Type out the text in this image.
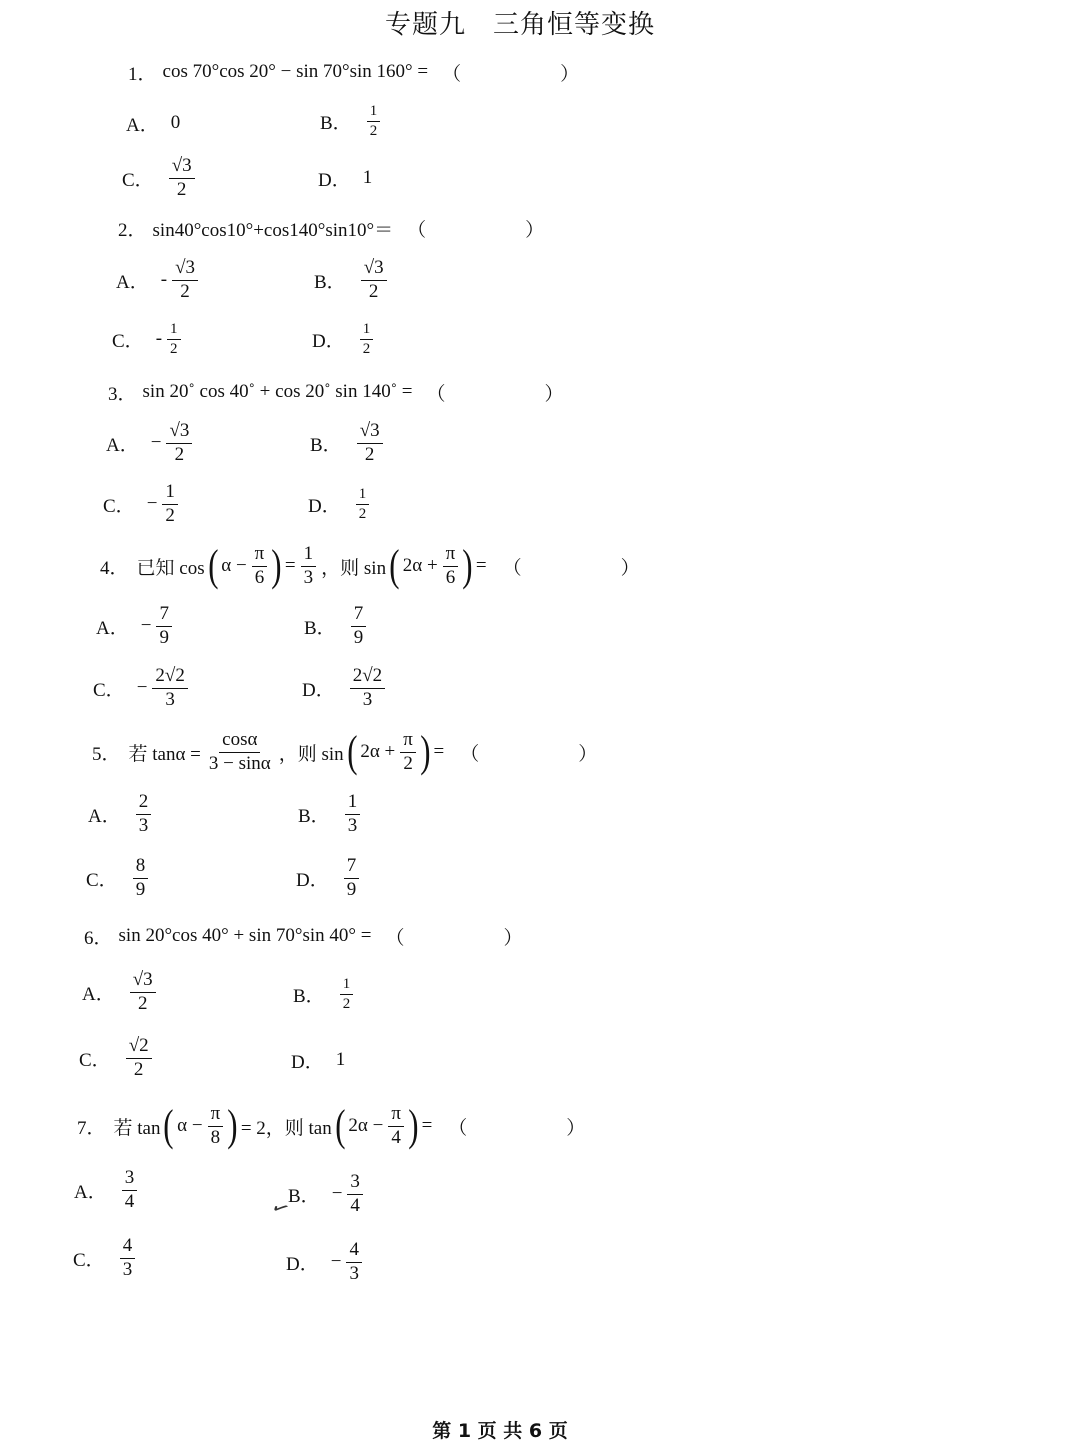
专题九　三角恒等变换
1． cos 70°cos 20° − sin 70°sin 160° = （　）
A． 0	B． $\frac{1}{2}$
C． $\frac{√3}{2}$	D． 1
2． sin40°cos10°+cos140°sin10°＝ （　）
A． - $\frac{√3}{2}$	B． $\frac{√3}{2}$
C． - $\frac{1}{2}$	D． $\frac{1}{2}$
3． sin 20˚ cos 40˚ + cos 20˚ sin 140˚ = （　）
A． − $\frac{√3}{2}$	B． $\frac{√3}{2}$
C． − $\frac{1}{2}$	D． $\frac{1}{2}$
4． 已知 cos ( $\alpha - \frac{\pi}{6}$ ) = $\frac{1}{3}$ ，则 sin ( $2\alpha + \frac{\pi}{6}$ ) = （　）
A． − $\frac{7}{9}$	B． $\frac{7}{9}$
C． − $\frac{2√2}{3}$	D． $\frac{2√2}{3}$
5． 若 $\tan\alpha = \frac{\cos\alpha}{3 - \sin\alpha}$ ，则 sin ( $2\alpha + \frac{\pi}{2}$ ) = （　）
A． $\frac{2}{3}$	B． $\frac{1}{3}$
C． $\frac{8}{9}$	D． $\frac{7}{9}$
6． sin 20°cos 40° + sin 70°sin 40° = （　）
A． $\frac{√3}{2}$	B． $\frac{1}{2}$
C． $\frac{√2}{2}$	D． 1
7． 若 tan ( $\alpha - \frac{\pi}{8}$ ) = 2，则 tan ( $2\alpha - \frac{\pi}{4}$ ) = （　）
A． $\frac{3}{4}$	B． − $\frac{3}{4}$
C． $\frac{4}{3}$	D． − $\frac{4}{3}$
✓
第 1 页 共 6 页
